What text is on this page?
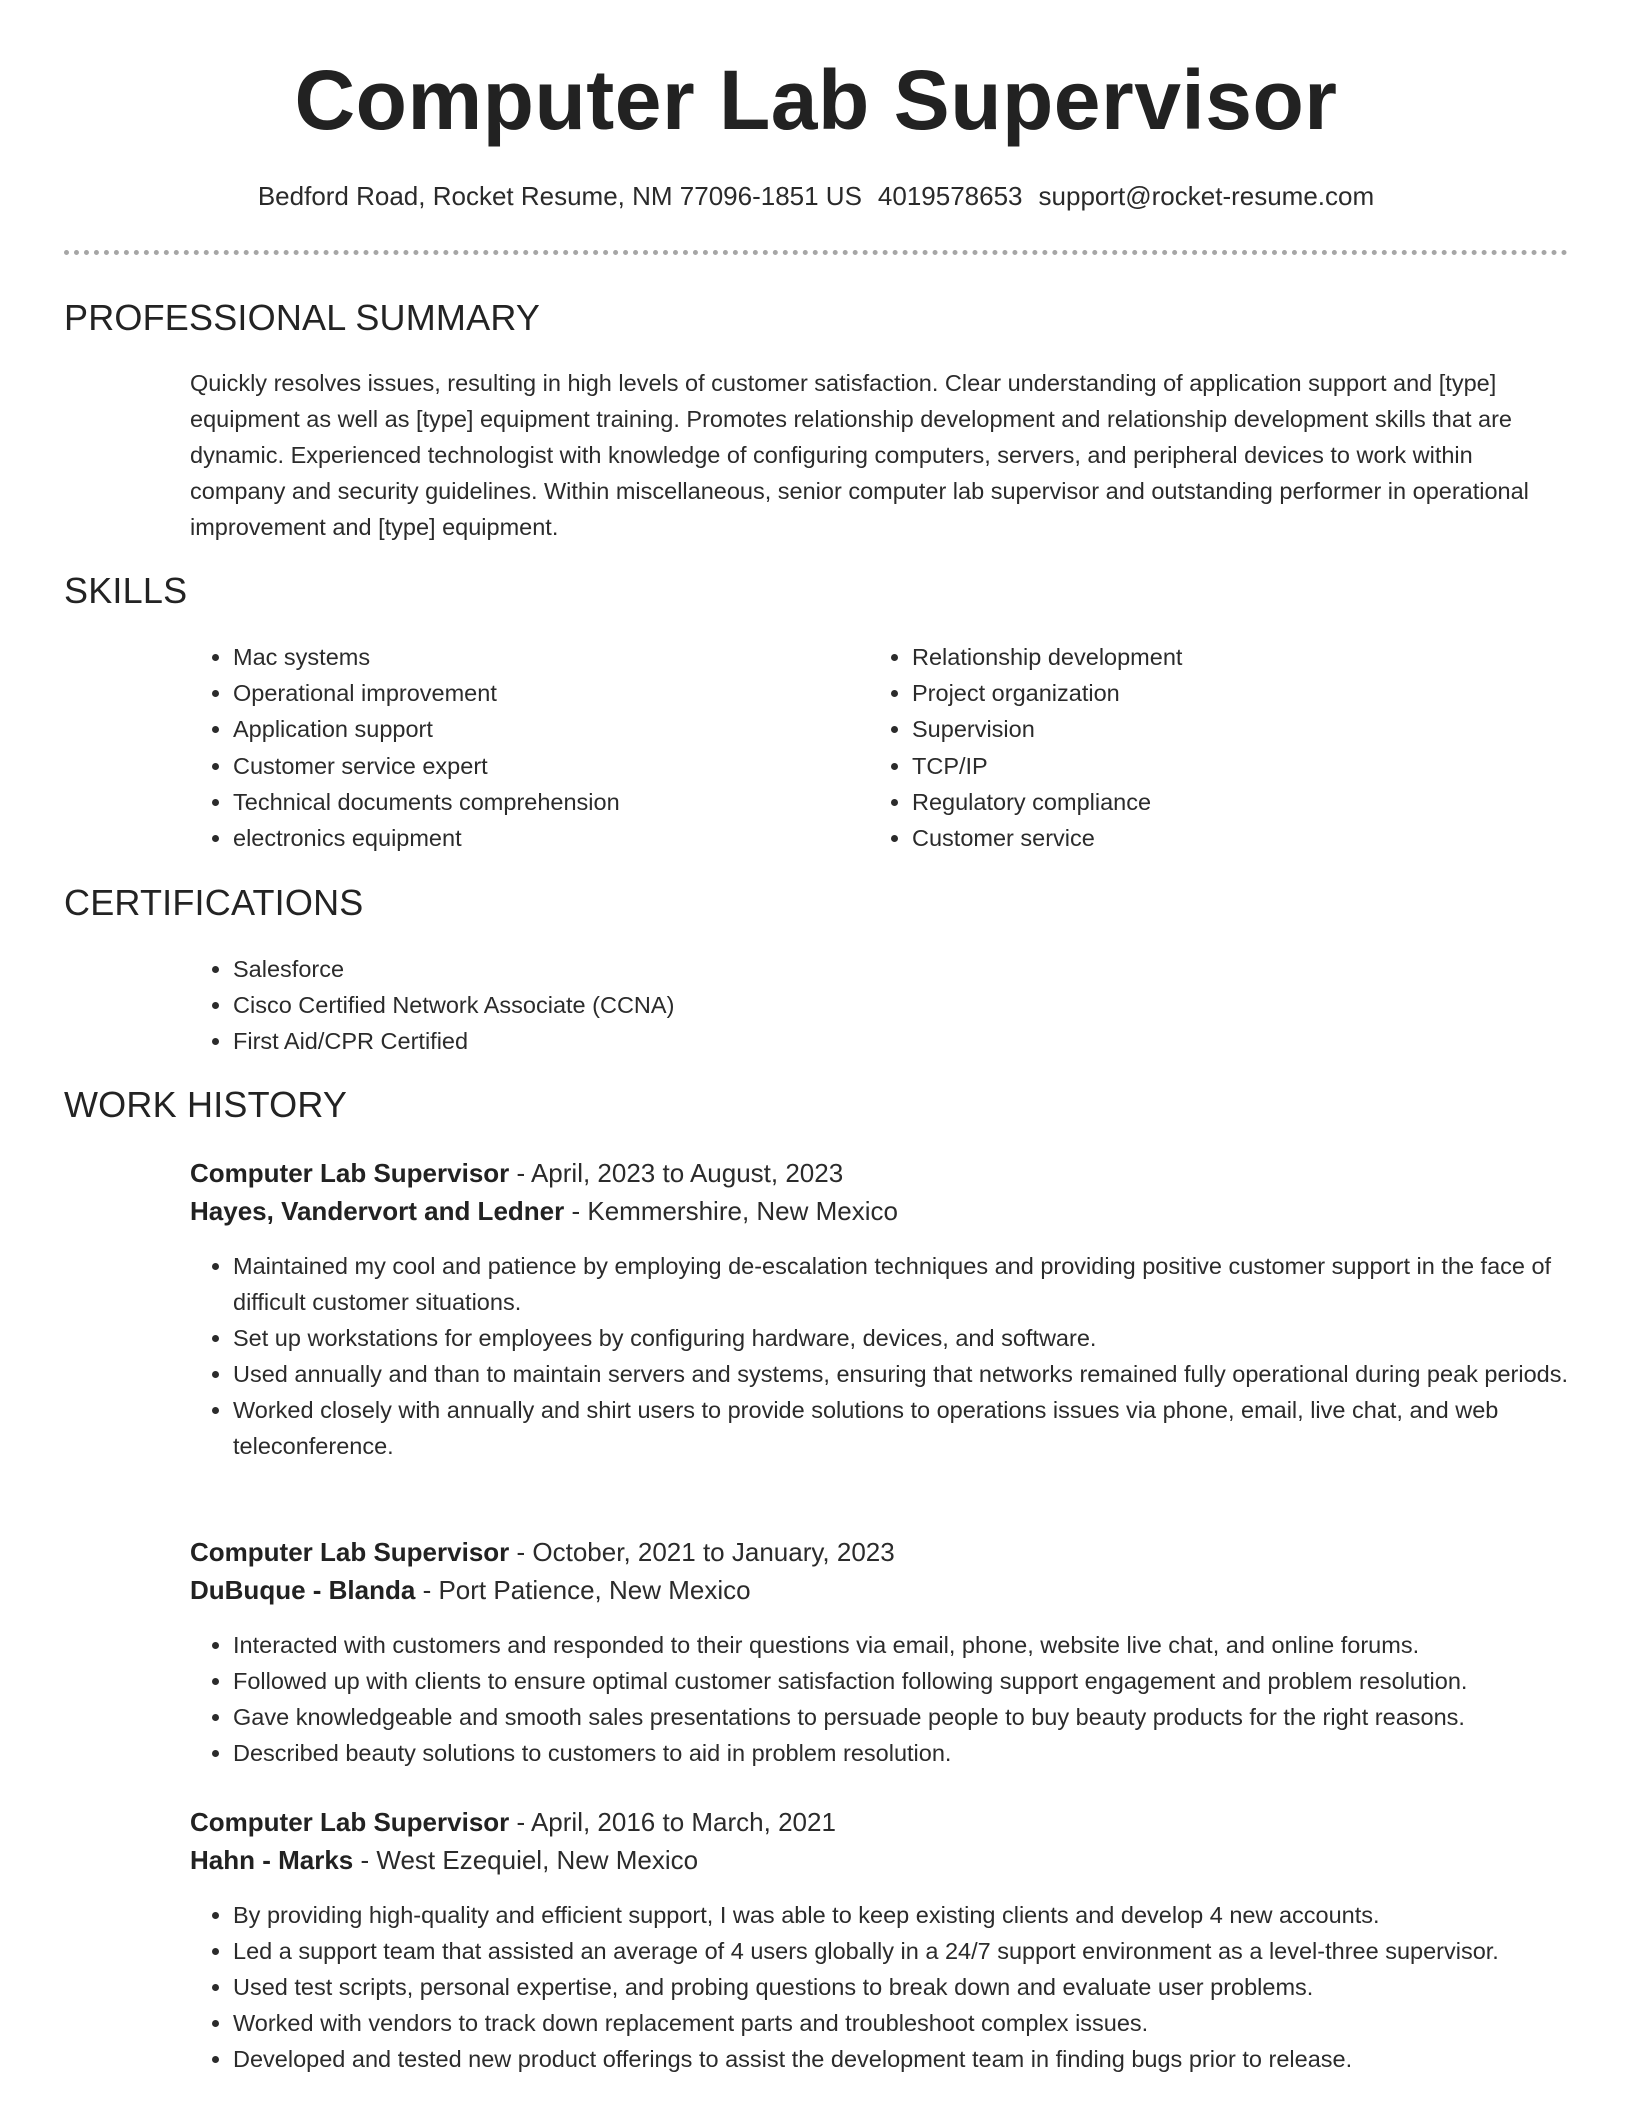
Computer Lab Supervisor
Bedford Road, Rocket Resume, NM 77096-1851 US 4019578653 support@rocket-resume.com
PROFESSIONAL SUMMARY

Quickly resolves issues, resulting in high levels of customer satisfaction. Clear understanding of application support and [type] equipment as well as [type] equipment training. Promotes relationship development and relationship development skills that are dynamic. Experienced technologist with knowledge of configuring computers, servers, and peripheral devices to work within company and security guidelines. Within miscellaneous, senior computer lab supervisor and outstanding performer in operational improvement and [type] equipment.

SKILLS
• Mac systems
• Operational improvement
• Application support
• Customer service expert
• Technical documents comprehension
• electronics equipment
• Relationship development
• Project organization
• Supervision
• TCP/IP
• Regulatory compliance
• Customer service
CERTIFICATIONS
• Salesforce
• Cisco Certified Network Associate (CCNA)
• First Aid/CPR Certified
WORK HISTORY
Computer Lab Supervisor - April, 2023 to August, 2023
Hayes, Vandervort and Ledner - Kemmershire, New Mexico
• Maintained my cool and patience by employing de-escalation techniques and providing positive customer support in the face of difficult customer situations.
• Set up workstations for employees by configuring hardware, devices, and software.
• Used annually and than to maintain servers and systems, ensuring that networks remained fully operational during peak periods.
• Worked closely with annually and shirt users to provide solutions to operations issues via phone, email, live chat, and web teleconference.
Computer Lab Supervisor - October, 2021 to January, 2023
DuBuque - Blanda - Port Patience, New Mexico
• Interacted with customers and responded to their questions via email, phone, website live chat, and online forums.
• Followed up with clients to ensure optimal customer satisfaction following support engagement and problem resolution.
• Gave knowledgeable and smooth sales presentations to persuade people to buy beauty products for the right reasons.
• Described beauty solutions to customers to aid in problem resolution.
Computer Lab Supervisor - April, 2016 to March, 2021
Hahn - Marks - West Ezequiel, New Mexico
• By providing high-quality and efficient support, I was able to keep existing clients and develop 4 new accounts.
• Led a support team that assisted an average of 4 users globally in a 24/7 support environment as a level-three supervisor.
• Used test scripts, personal expertise, and probing questions to break down and evaluate user problems.
• Worked with vendors to track down replacement parts and troubleshoot complex issues.
• Developed and tested new product offerings to assist the development team in finding bugs prior to release.
